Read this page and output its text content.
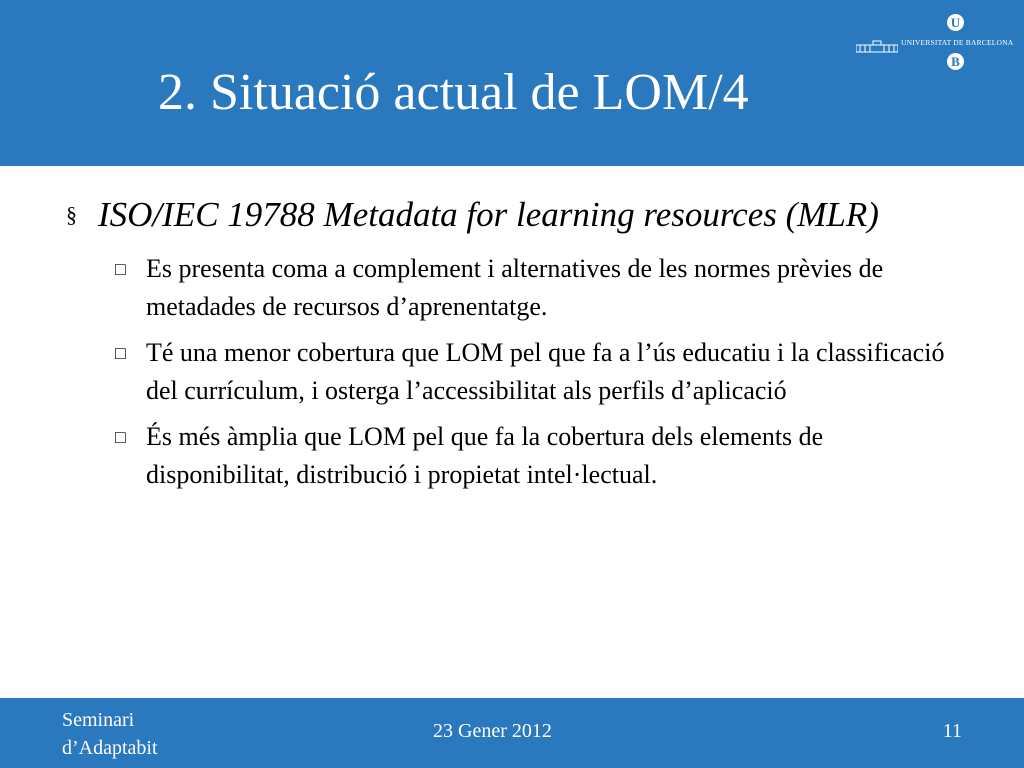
2. Situació actual de LOM/4
U
UNIVERSITAT DE BARCELONA
B
§ ISO/IEC 19788 Metadata for learning resources (MLR)
□ Es presenta coma a complement i alternatives de les normes prèvies de metadades de recursos d’aprenentatge.
□ Té una menor cobertura que LOM pel que fa a l’ús educatiu i la classificació del currículum, i osterga l’accessibilitat als perfils d’aplicació
□ És més àmplia que LOM pel que fa la cobertura dels elements de disponibilitat, distribució i propietat intel·lectual.
Seminari d’Adaptabit
23 Gener 2012	11
